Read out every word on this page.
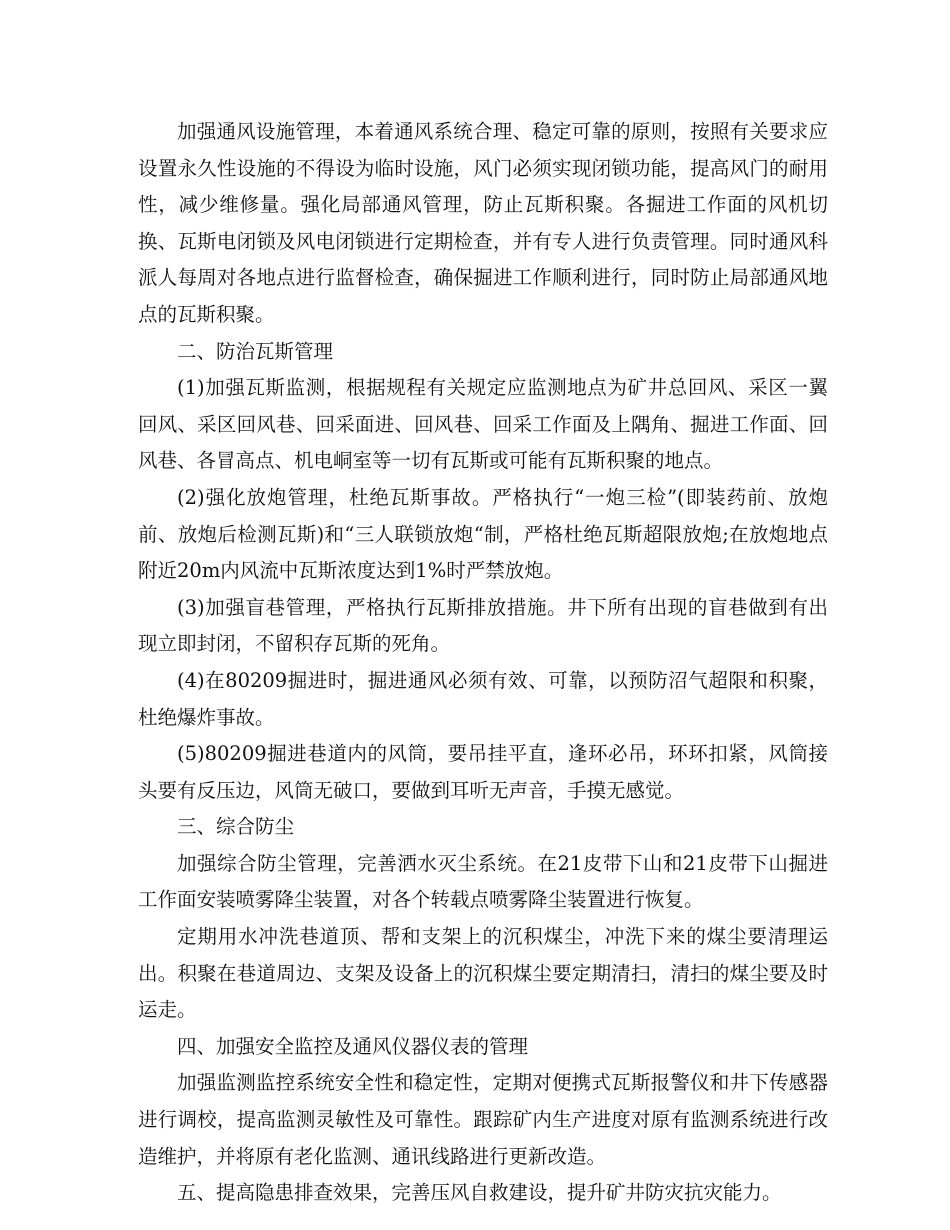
加强通风设施管理，本着通风系统合理、稳定可靠的原则，按照有关要求应设置永久性设施的不得设为临时设施，风门必须实现闭锁功能，提高风门的耐用性，减少维修量。强化局部通风管理，防止瓦斯积聚。各掘进工作面的风机切换、瓦斯电闭锁及风电闭锁进行定期检查，并有专人进行负责管理。同时通风科派人每周对各地点进行监督检查，确保掘进工作顺利进行，同时防止局部通风地点的瓦斯积聚。

二、防治瓦斯管理

(1)加强瓦斯监测，根据规程有关规定应监测地点为矿井总回风、采区一翼回风、采区回风巷、回采面进、回风巷、回采工作面及上隅角、掘进工作面、回风巷、各冒高点、机电峒室等一切有瓦斯或可能有瓦斯积聚的地点。

(2)强化放炮管理，杜绝瓦斯事故。严格执行“一炮三检”(即装药前、放炮前、放炮后检测瓦斯)和“三人联锁放炮“制，严格杜绝瓦斯超限放炮;在放炮地点附近20m内风流中瓦斯浓度达到1%时严禁放炮。

(3)加强盲巷管理，严格执行瓦斯排放措施。井下所有出现的盲巷做到有出现立即封闭，不留积存瓦斯的死角。

(4)在80209掘进时，掘进通风必须有效、可靠，以预防沼气超限和积聚，杜绝爆炸事故。

(5)80209掘进巷道内的风筒，要吊挂平直，逢环必吊，环环扣紧，风筒接头要有反压边，风筒无破口，要做到耳听无声音，手摸无感觉。

三、综合防尘

加强综合防尘管理，完善洒水灭尘系统。在21皮带下山和21皮带下山掘进工作面安装喷雾降尘装置，对各个转载点喷雾降尘装置进行恢复。

定期用水冲洗巷道顶、帮和支架上的沉积煤尘，冲洗下来的煤尘要清理运出。积聚在巷道周边、支架及设备上的沉积煤尘要定期清扫，清扫的煤尘要及时运走。

四、加强安全监控及通风仪器仪表的管理

加强监测监控系统安全性和稳定性，定期对便携式瓦斯报警仪和井下传感器进行调校，提高监测灵敏性及可靠性。跟踪矿内生产进度对原有监测系统进行改造维护，并将原有老化监测、通讯线路进行更新改造。

五、提高隐患排查效果，完善压风自救建设，提升矿井防灾抗灾能力。
